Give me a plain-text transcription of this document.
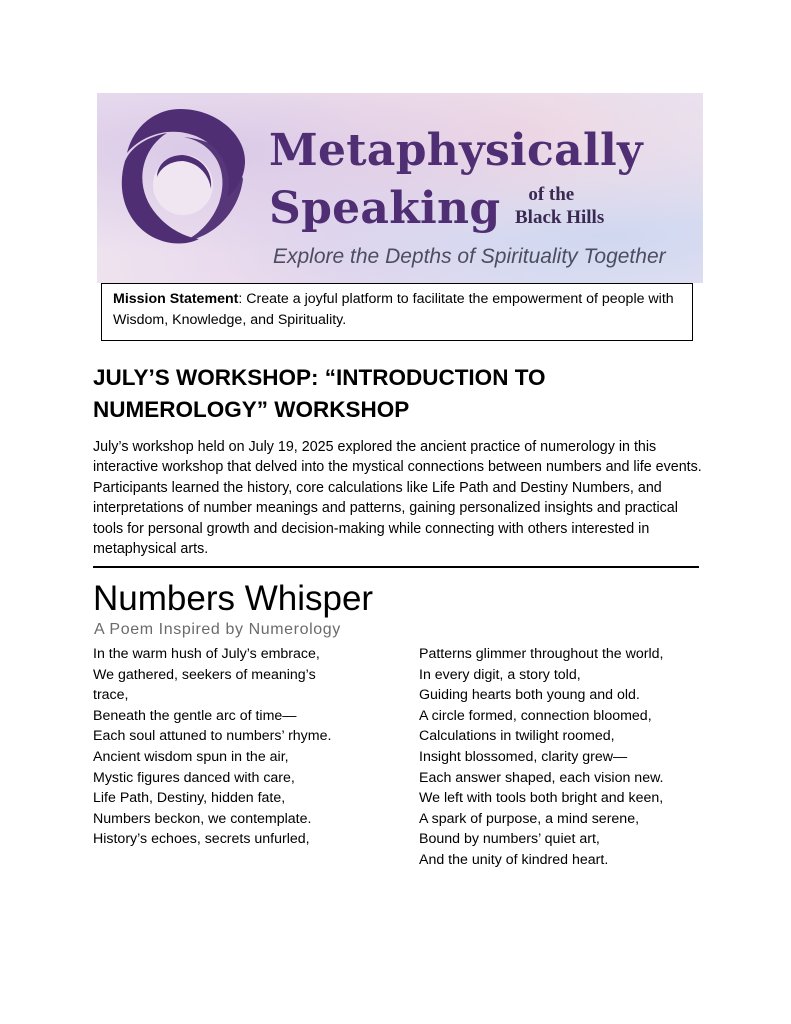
Metaphysically
Speaking	of the
Black Hills
Explore the Depths of Spirituality Together
Mission Statement: Create a joyful platform to facilitate the empowerment of people with Wisdom, Knowledge, and Spirituality.
JULY’S WORKSHOP: “INTRODUCTION TO
NUMEROLOGY” WORKSHOP

July’s workshop held on July 19, 2025 explored the ancient practice of numerology in this interactive workshop that delved into the mystical connections between numbers and life events. Participants learned the history, core calculations like Life Path and Destiny Numbers, and interpretations of number meanings and patterns, gaining personalized insights and practical tools for personal growth and decision-making while connecting with others interested in metaphysical arts.

Numbers Whisper
A Poem Inspired by Numerology
In the warm hush of July’s embrace,
We gathered, seekers of meaning’s
trace,
Beneath the gentle arc of time—
Each soul attuned to numbers’ rhyme.
Ancient wisdom spun in the air,
Mystic figures danced with care,
Life Path, Destiny, hidden fate,
Numbers beckon, we contemplate.
History’s echoes, secrets unfurled,
Patterns glimmer throughout the world,
In every digit, a story told,
Guiding hearts both young and old.
A circle formed, connection bloomed,
Calculations in twilight roomed,
Insight blossomed, clarity grew—
Each answer shaped, each vision new.
We left with tools both bright and keen,
A spark of purpose, a mind serene,
Bound by numbers’ quiet art,
And the unity of kindred heart.
